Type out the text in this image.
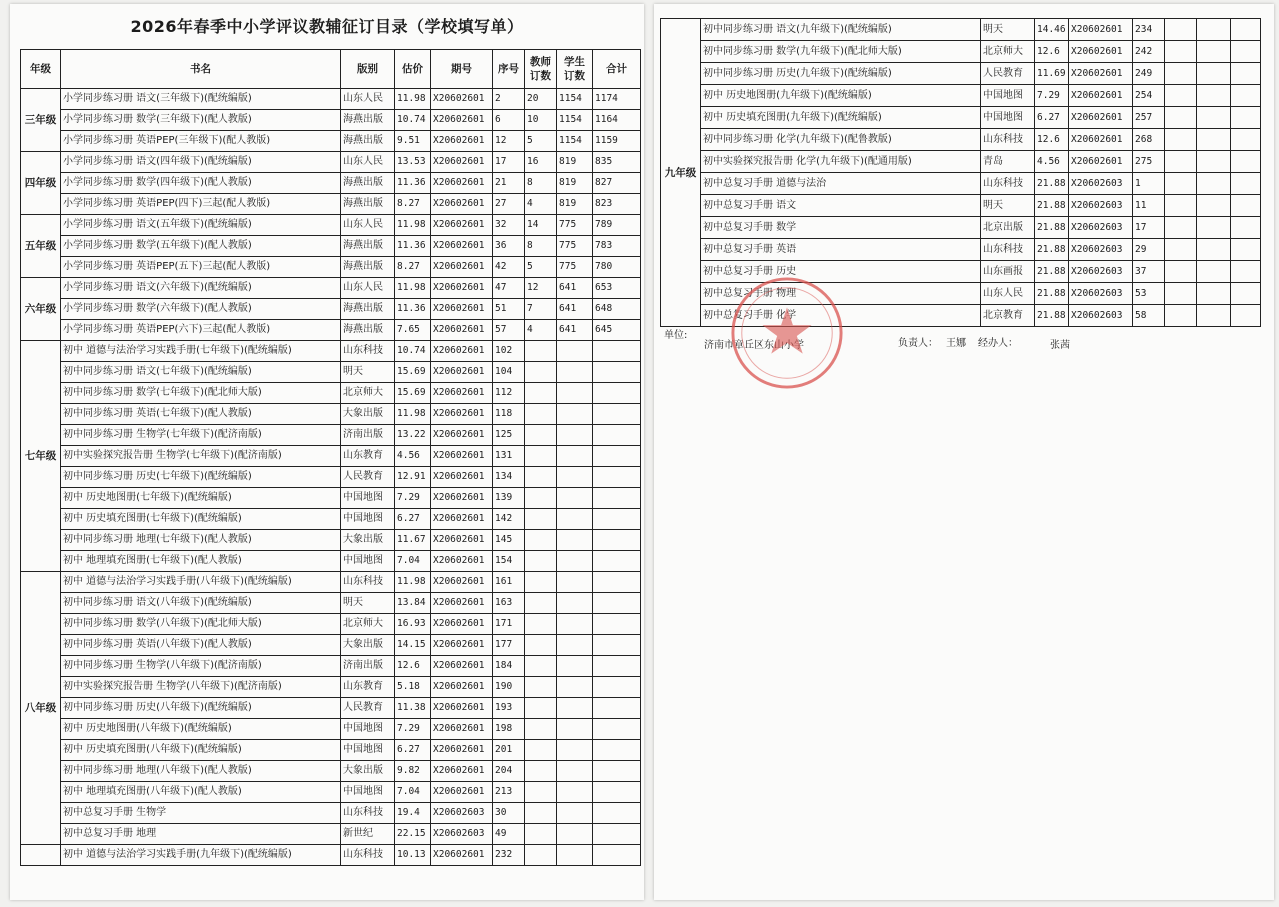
2026年春季中小学评议教辅征订目录（学校填写单）
年级	书名	版别	估价	期号	序号	教师订数	学生订数	合计
三年级	小学同步练习册 语文(三年级下)(配统编版)	山东人民	11.98	X20602601	2	20	1154	1174
	小学同步练习册 数学(三年级下)(配人教版)	海燕出版	10.74	X20602601	6	10	1154	1164
	小学同步练习册 英语PEP(三年级下)(配人教版)	海燕出版	9.51	X20602601	12	5	1154	1159
四年级	小学同步练习册 语文(四年级下)(配统编版)	山东人民	13.53	X20602601	17	16	819	835
	小学同步练习册 数学(四年级下)(配人教版)	海燕出版	11.36	X20602601	21	8	819	827
	小学同步练习册 英语PEP(四下)三起(配人教版)	海燕出版	8.27	X20602601	27	4	819	823
五年级	小学同步练习册 语文(五年级下)(配统编版)	山东人民	11.98	X20602601	32	14	775	789
	小学同步练习册 数学(五年级下)(配人教版)	海燕出版	11.36	X20602601	36	8	775	783
	小学同步练习册 英语PEP(五下)三起(配人教版)	海燕出版	8.27	X20602601	42	5	775	780
六年级	小学同步练习册 语文(六年级下)(配统编版)	山东人民	11.98	X20602601	47	12	641	653
	小学同步练习册 数学(六年级下)(配人教版)	海燕出版	11.36	X20602601	51	7	641	648
	小学同步练习册 英语PEP(六下)三起(配人教版)	海燕出版	7.65	X20602601	57	4	641	645
七年级	初中 道德与法治学习实践手册(七年级下)(配统编版)	山东科技	10.74	X20602601	102			
	初中同步练习册 语文(七年级下)(配统编版)	明天	15.69	X20602601	104			
	初中同步练习册 数学(七年级下)(配北师大版)	北京师大	15.69	X20602601	112			
	初中同步练习册 英语(七年级下)(配人教版)	大象出版	11.98	X20602601	118			
	初中同步练习册 生物学(七年级下)(配济南版)	济南出版	13.22	X20602601	125			
	初中实验探究报告册 生物学(七年级下)(配济南版)	山东教育	4.56	X20602601	131			
	初中同步练习册 历史(七年级下)(配统编版)	人民教育	12.91	X20602601	134			
	初中 历史地图册(七年级下)(配统编版)	中国地图	7.29	X20602601	139			
	初中 历史填充图册(七年级下)(配统编版)	中国地图	6.27	X20602601	142			
	初中同步练习册 地理(七年级下)(配人教版)	大象出版	11.67	X20602601	145			
	初中 地理填充图册(七年级下)(配人教版)	中国地图	7.04	X20602601	154			
八年级	初中 道德与法治学习实践手册(八年级下)(配统编版)	山东科技	11.98	X20602601	161			
	初中同步练习册 语文(八年级下)(配统编版)	明天	13.84	X20602601	163			
	初中同步练习册 数学(八年级下)(配北师大版)	北京师大	16.93	X20602601	171			
	初中同步练习册 英语(八年级下)(配人教版)	大象出版	14.15	X20602601	177			
	初中同步练习册 生物学(八年级下)(配济南版)	济南出版	12.6	X20602601	184			
	初中实验探究报告册 生物学(八年级下)(配济南版)	山东教育	5.18	X20602601	190			
	初中同步练习册 历史(八年级下)(配统编版)	人民教育	11.38	X20602601	193			
	初中 历史地图册(八年级下)(配统编版)	中国地图	7.29	X20602601	198			
	初中 历史填充图册(八年级下)(配统编版)	中国地图	6.27	X20602601	201			
	初中同步练习册 地理(八年级下)(配人教版)	大象出版	9.82	X20602601	204			
	初中 地理填充图册(八年级下)(配人教版)	中国地图	7.04	X20602601	213			
	初中总复习手册 生物学	山东科技	19.4	X20602603	30			
	初中总复习手册 地理	新世纪	22.15	X20602603	49			
	初中 道德与法治学习实践手册(九年级下)(配统编版)	山东科技	10.13	X20602601	232			
九年级	初中同步练习册 语文(九年级下)(配统编版)	明天	14.46	X20602601	234			
	初中同步练习册 数学(九年级下)(配北师大版)	北京师大	12.6	X20602601	242			
	初中同步练习册 历史(九年级下)(配统编版)	人民教育	11.69	X20602601	249			
	初中 历史地图册(九年级下)(配统编版)	中国地图	7.29	X20602601	254			
	初中 历史填充图册(九年级下)(配统编版)	中国地图	6.27	X20602601	257			
	初中同步练习册 化学(九年级下)(配鲁教版)	山东科技	12.6	X20602601	268			
	初中实验探究报告册 化学(九年级下)(配通用版)	青岛	4.56	X20602601	275			
	初中总复习手册 道德与法治	山东科技	21.88	X20602603	1			
	初中总复习手册 语文	明天	21.88	X20602603	11			
	初中总复习手册 数学	北京出版	21.88	X20602603	17			
	初中总复习手册 英语	山东科技	21.88	X20602603	29			
	初中总复习手册 历史	山东画报	21.88	X20602603	37			
	初中总复习手册 物理	山东人民	21.88	X20602603	53			
	初中总复习手册 化学	北京教育	21.88	X20602603	58			
单位:
济南市章丘区东山小学	负责人： 王娜 经办人：	张茜
